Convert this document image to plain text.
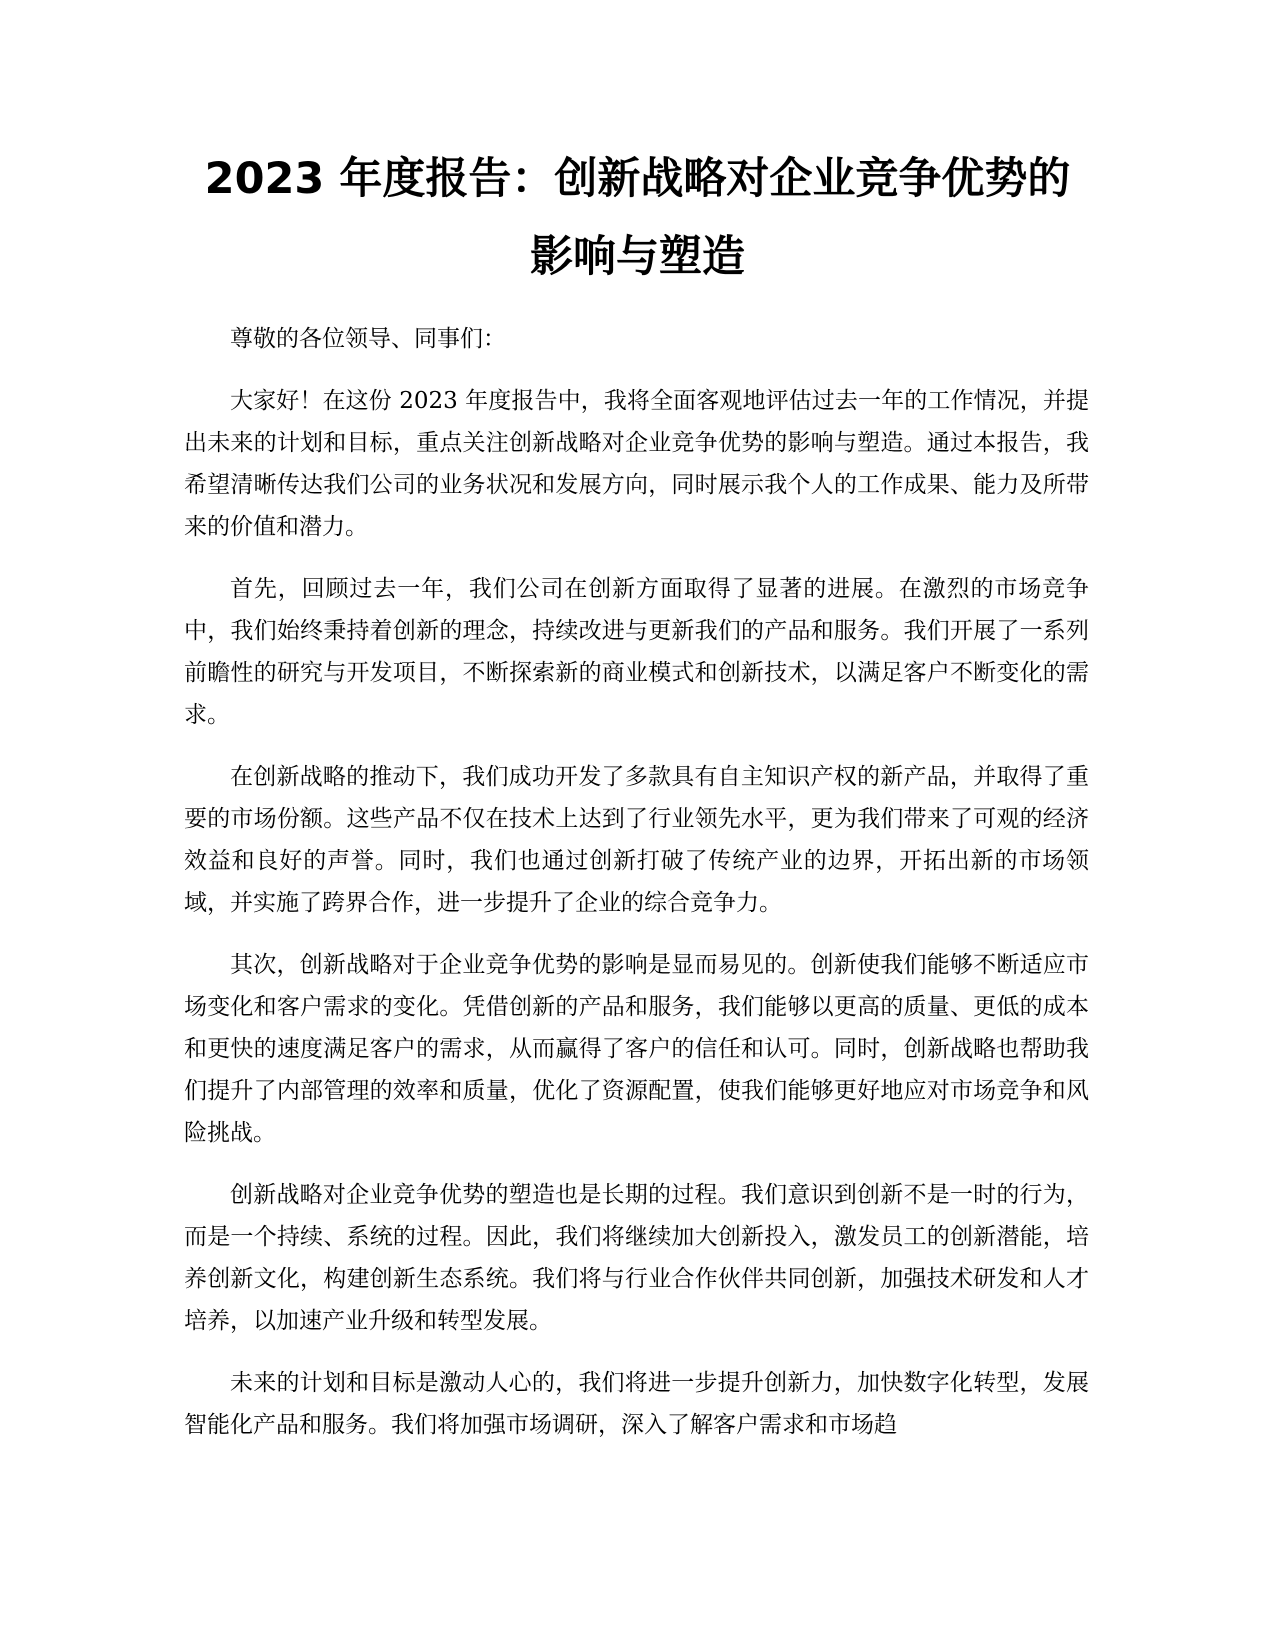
2023 年度报告：创新战略对企业竞争优势的
影响与塑造

尊敬的各位领导、同事们：

大家好！在这份 2023 年度报告中，我将全面客观地评估过去一年的工作情况，并提出未来的计划和目标，重点关注创新战略对企业竞争优势的影响与塑造。通过本报告，我希望清晰传达我们公司的业务状况和发展方向，同时展示我个人的工作成果、能力及所带来的价值和潜力。

首先，回顾过去一年，我们公司在创新方面取得了显著的进展。在激烈的市场竞争中，我们始终秉持着创新的理念，持续改进与更新我们的产品和服务。我们开展了一系列前瞻性的研究与开发项目，不断探索新的商业模式和创新技术，以满足客户不断变化的需求。

在创新战略的推动下，我们成功开发了多款具有自主知识产权的新产品，并取得了重要的市场份额。这些产品不仅在技术上达到了行业领先水平，更为我们带来了可观的经济效益和良好的声誉。同时，我们也通过创新打破了传统产业的边界，开拓出新的市场领域，并实施了跨界合作，进一步提升了企业的综合竞争力。

其次，创新战略对于企业竞争优势的影响是显而易见的。创新使我们能够不断适应市场变化和客户需求的变化。凭借创新的产品和服务，我们能够以更高的质量、更低的成本和更快的速度满足客户的需求，从而赢得了客户的信任和认可。同时，创新战略也帮助我们提升了内部管理的效率和质量，优化了资源配置，使我们能够更好地应对市场竞争和风险挑战。

创新战略对企业竞争优势的塑造也是长期的过程。我们意识到创新不是一时的行为，而是一个持续、系统的过程。因此，我们将继续加大创新投入，激发员工的创新潜能，培养创新文化，构建创新生态系统。我们将与行业合作伙伴共同创新，加强技术研发和人才培养，以加速产业升级和转型发展。

未来的计划和目标是激动人心的，我们将进一步提升创新力，加快数字化转型，发展智能化产品和服务。我们将加强市场调研，深入了解客户需求和市场趋
